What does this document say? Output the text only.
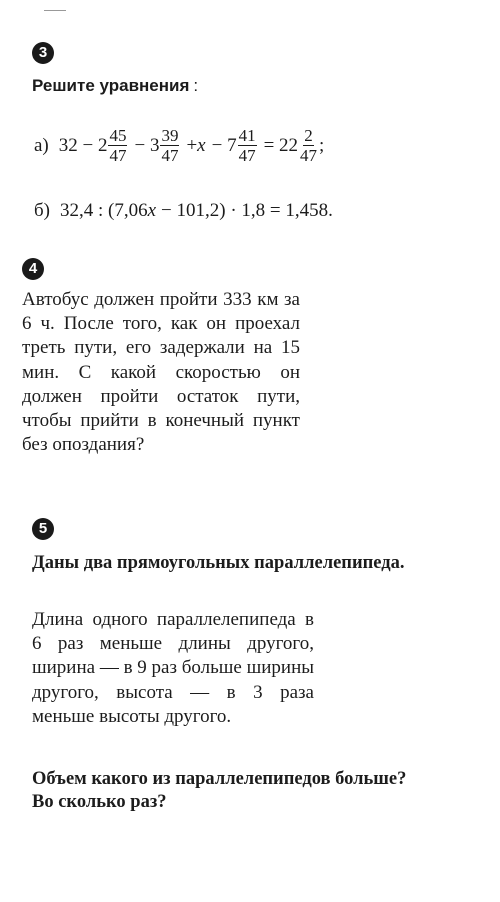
3
Решите уравнения :
а) $32 - 2 \frac{45}{47} - 3 \frac{39}{47} + x - 7 \frac{41}{47} = 22 \frac{2}{47}$ ;
б) 32,4 : (7,06 x − 101,2) · 1,8 = 1,458.
4
Автобус должен пройти 333 км за 6 ч. После того, как он проехал треть пути, его задержали на 15 мин. С какой скоростью он должен пройти остаток пути, чтобы прийти в конечный пункт без опоздания?
5
Даны два прямоугольных параллелепипеда.
Длина одного параллелепипеда в 6 раз меньше длины другого, ширина — в 9 раз больше ширины другого, высота — в 3 раза меньше высоты другого.
Объем какого из параллелепипедов больше? Во сколько раз?
